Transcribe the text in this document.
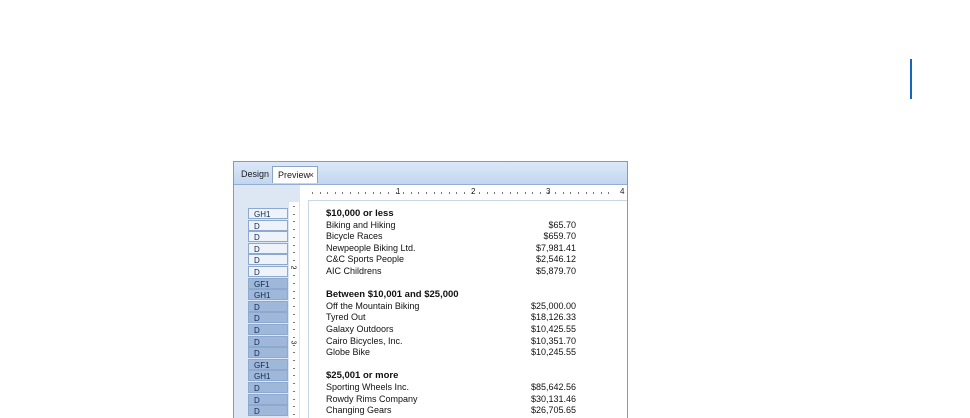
Design Preview
×
GH1
D
D
D
D
D
GF1
GH1
D
D
D
D
D
GF1
GH1
D
D
D
1	2	3	4
2
3
$10,000 or less
Biking and Hiking	$65.70
Bicycle Races	$659.70
Newpeople Biking Ltd.	$7,981.41
C&C Sports People	$2,546.12
AIC Childrens	$5,879.70
Between $10,001 and $25,000
Off the Mountain Biking	$25,000.00
Tyred Out	$18,126.33
Galaxy Outdoors	$10,425.55
Cairo Bicycles, Inc.	$10,351.70
Globe Bike	$10,245.55
$25,001 or more
Sporting Wheels Inc.	$85,642.56
Rowdy Rims Company	$30,131.46
Changing Gears	$26,705.65
